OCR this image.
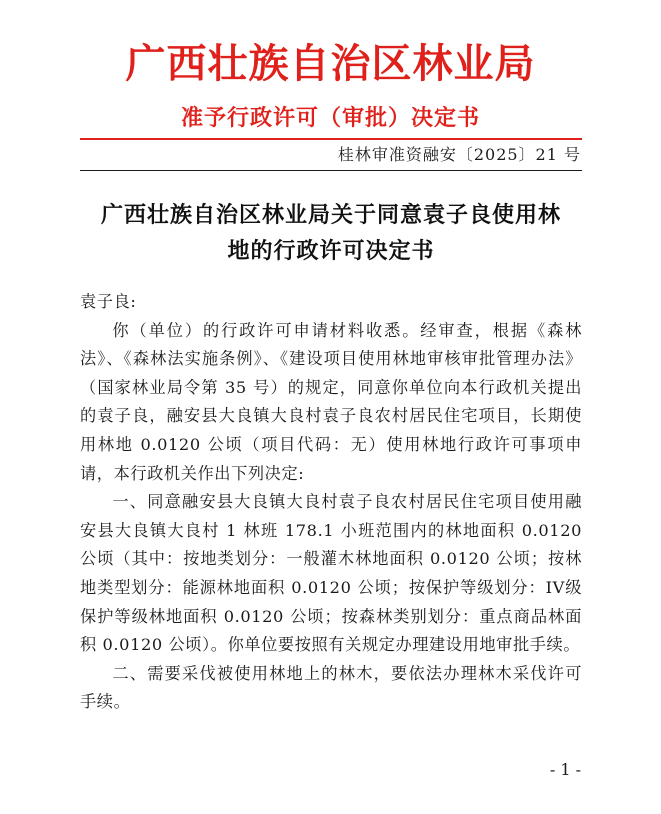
广西壮族自治区林业局
准予行政许可（审批）决定书
桂林审准资融安〔2025〕21 号
广西壮族自治区林业局关于同意袁子良使用林
地的行政许可决定书

袁子良:

你（单位）的行政许可申请材料收悉。经审查，根据《森林法》、《森林法实施条例》、《建设项目使用林地审核审批管理办法》（国家林业局令第 35 号）的规定，同意你单位向本行政机关提出的袁子良，融安县大良镇大良村袁子良农村居民住宅项目，长期使用林地 0.0120 公顷（项目代码：无）使用林地行政许可事项申请，本行政机关作出下列决定:

一、同意融安县大良镇大良村袁子良农村居民住宅项目使用融安县大良镇大良村 1 林班 178.1 小班范围内的林地面积 0.0120 公顷（其中：按地类划分：一般灌木林地面积 0.0120 公顷；按林地类型划分：能源林地面积 0.0120 公顷；按保护等级划分：IV级保护等级林地面积 0.0120 公顷；按森林类别划分：重点商品林面积 0.0120 公顷）。你单位要按照有关规定办理建设用地审批手续。

二、需要采伐被使用林地上的林木，要依法办理林木采伐许可手续。

- 1 -
